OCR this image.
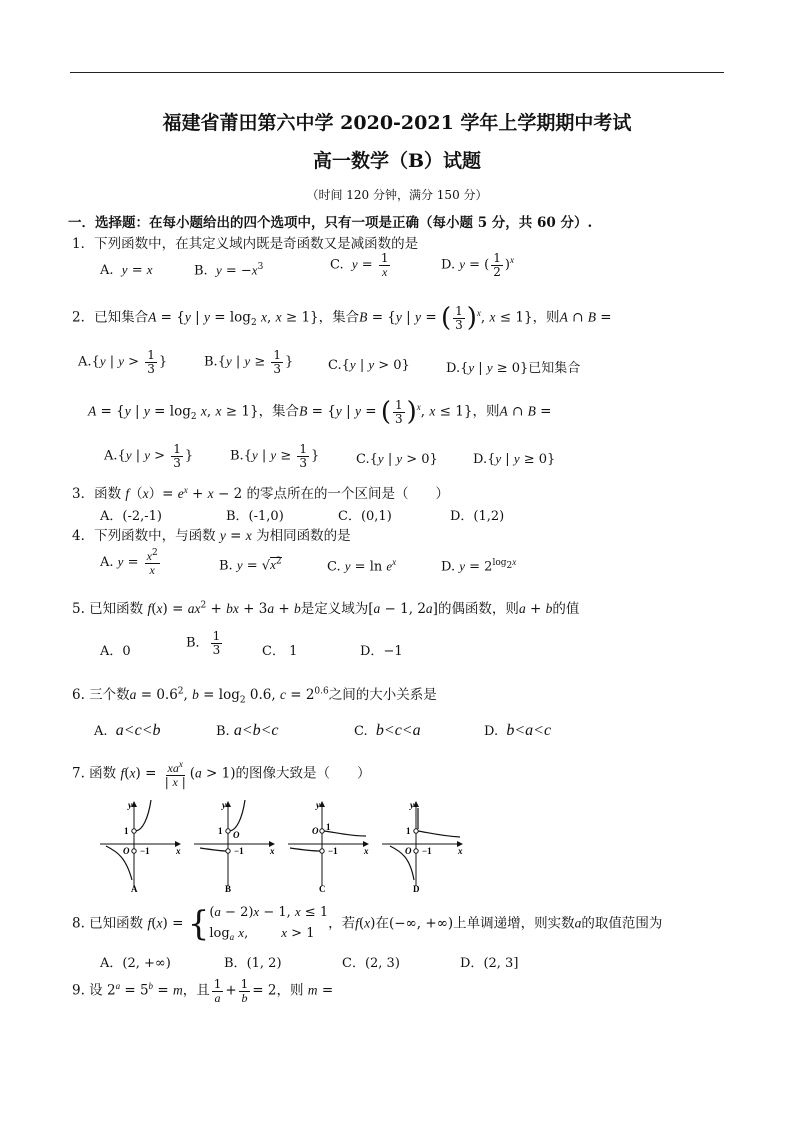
福建省莆田第六中学 2020-2021 学年上学期期中考试
高一数学（B）试题
（时间 120 分钟，满分 150 分）
一．选择题：在每小题给出的四个选项中，只有一项是正确（每小题 5 分，共 60 分）.
1．下列函数中，在其定义域内既是奇函数又是减函数的是
A. y = x	B. $y = -x^3$	C. $y = \frac{1}{x}$	D. y = ( $\frac{1}{2} )^x$
2．已知集合A = {y | $y = \log_2 x$, x ≥ 1}，集合B = {y | y = ( $\frac{1}{3} )^x$, x ≤ 1}，则A ∩ B =
A.{y | $y > \frac{1}{3}$ }	B.{y | $y \ge \frac{1}{3}$ }	C.{y | y > 0}	D.{y | y ≥ 0}已知集合
A = {y | $y = \log_2 x$, x ≥ 1}，集合B = {y | y = ( $\frac{1}{3} )^x$, x ≤ 1}，则A ∩ B =
A.{y | $y > \frac{1}{3}$ }	B.{y | $y \ge \frac{1}{3}$ }	C.{y | y > 0}	D.{y | y ≥ 0}
3．函数 $f(x)= e^x + x - 2$ 的零点所在的一个区间是（　　）
A．(-2,-1)	B．(-1,0)	C．(0,1)	D．(1,2)
4．下列函数中，与函数 y = x 为相同函数的是
A. $y = \frac{x^2}{x}$	B. $y = √x^2$	C. $y = \ln e^x$	D. $y = 2^{log_2x}$
5. 已知函数 $f(x) = ax^2$ + bx + 3a + b是定义域为[a − 1, 2a]的偶函数，则a + b的值
A．0
B． $\frac{1}{3}$	C． 1	D．−1
6. 三个数$a = 0.6^2$, $b = \log_2 0.6$, $c = 2^{0.6}$之间的大小关系是
A. a<c<b	B. a<b<c	C. b<c<a	D. b<a<c
7. 函数 $f(x) = \frac{xa^x}{| x |} (a > 1)$的图像大致是（　　）
y
x
1
O −1
A
y
x
1 O
−1
B
y
x
O 1
−1
C
y
x
1
O −1
D
8. 已知函数 f(x) = { (a − 2)x − 1, x ≤ 1
$\log_a x$,        x > 1
，若f(x)在(−∞, +∞)上单调递增，则实数a的取值范围为
A．(2, +∞)	B．(1, 2)	C．(2, 3)	D．(2, 3]
9. 设 $2^a = 5^b = m$，且 $\frac{1}{a} + \frac{1}{b} = 2$，则 m =
